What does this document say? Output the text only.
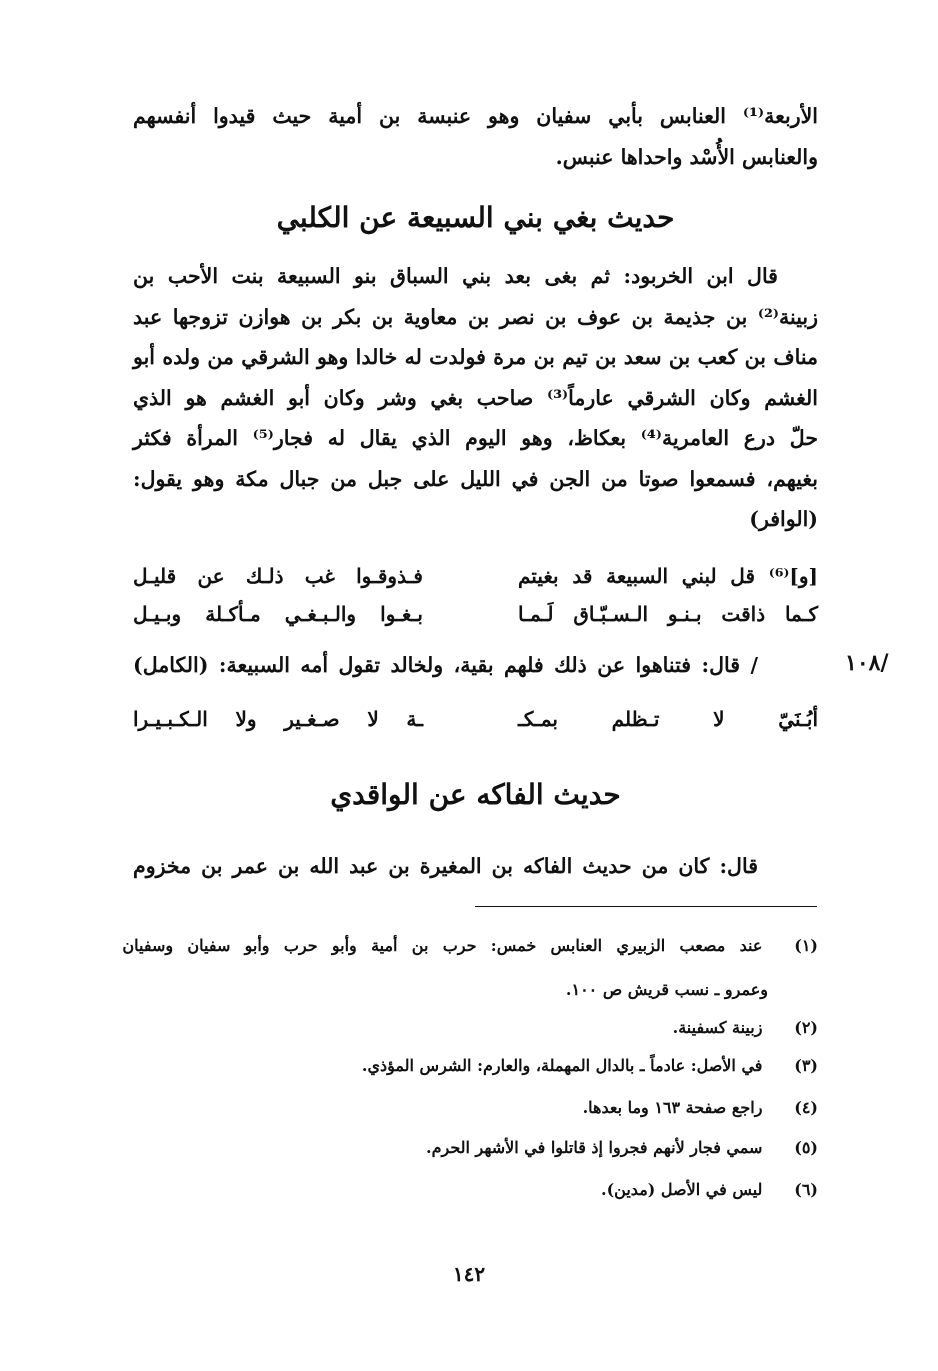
الأربعة⁽¹⁾ العنابس بأبي سفيان وهو عنبسة بن أمية حيث قيدوا أنفسهم
والعنابس الأُسْد واحداها عنبس.
حديث بغي بني السبيعة عن الكلبي
قال ابن الخربود: ثم بغى بعد بني السباق بنو السبيعة بنت الأحب بن
زبينة⁽²⁾ بن جذيمة بن عوف بن نصر بن معاوية بن بكر بن هوازن تزوجها عبد
مناف بن كعب بن سعد بن تيم بن مرة فولدت له خالدا وهو الشرقي من ولده أبو
الغشم وكان الشرقي عارماً⁽³⁾ صاحب بغي وشر وكان أبو الغشم هو الذي
حلّ درع العامرية⁽⁴⁾ بعكاظ، وهو اليوم الذي يقال له فجار⁽⁵⁾ المرأة فكثر
بغيهم، فسمعوا صوتا من الجن في الليل على جبل من جبال مكة وهو يقول:
(الوافر)
[و]⁽⁶⁾ قل لبني السبيعة قد بغيتم
فـذوقـوا غب ذلـك عن قليـل
كـما ذاقت بـنـو الـسـبّـاق لَـمـا
بـغـوا والـبـغـي مـأكـلة وبـيـل
/١٠٨
/ قال: فتناهوا عن ذلك فلهم بقية، ولخالد تقول أمه السبيعة: (الكامل)
أبُـنَيّ لا تـظلم بمـكـ
ـة لا صـغـير ولا الـكـبـيـرا
حديث الفاكه عن الواقدي
قال: كان من حديث الفاكه بن المغيرة بن عبد الله بن عمر بن مخزوم
(١) عند مصعب الزبيري العنابس خمس: حرب بن أمية وأبو حرب وأبو سفيان وسفيان
وعمرو ـ نسب قريش ص ١٠٠.
(٢) زبينة كسفينة.
(٣) في الأصل: عادماً ـ بالدال المهملة، والعارم: الشرس المؤذي.
(٤) راجع صفحة ١٦٣ وما بعدها.
(٥) سمي فجار لأنهم فجروا إذ قاتلوا في الأشهر الحرم.
(٦) ليس في الأصل (مدين).
١٤٢
